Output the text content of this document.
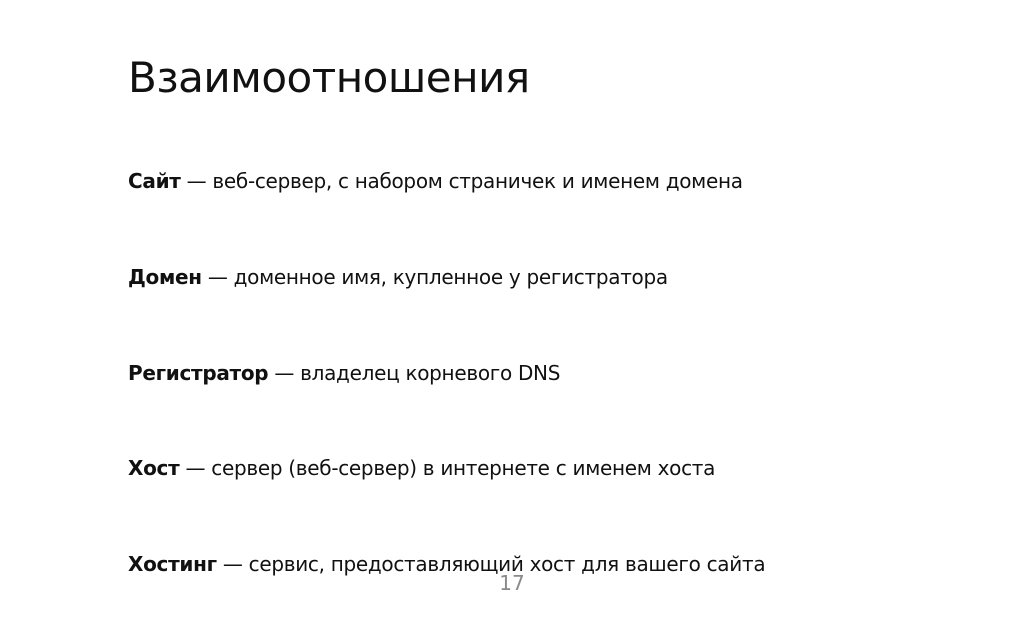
Взаимоотношения

Сайт — веб-сервер, с набором страничек и именем домена

Домен — доменное имя, купленное у регистратора

Регистратор — владелец корневого DNS

Хост — сервер (веб-сервер) в интернете с именем хоста

Хостинг — сервис, предоставляющий хост для вашего сайта

17
